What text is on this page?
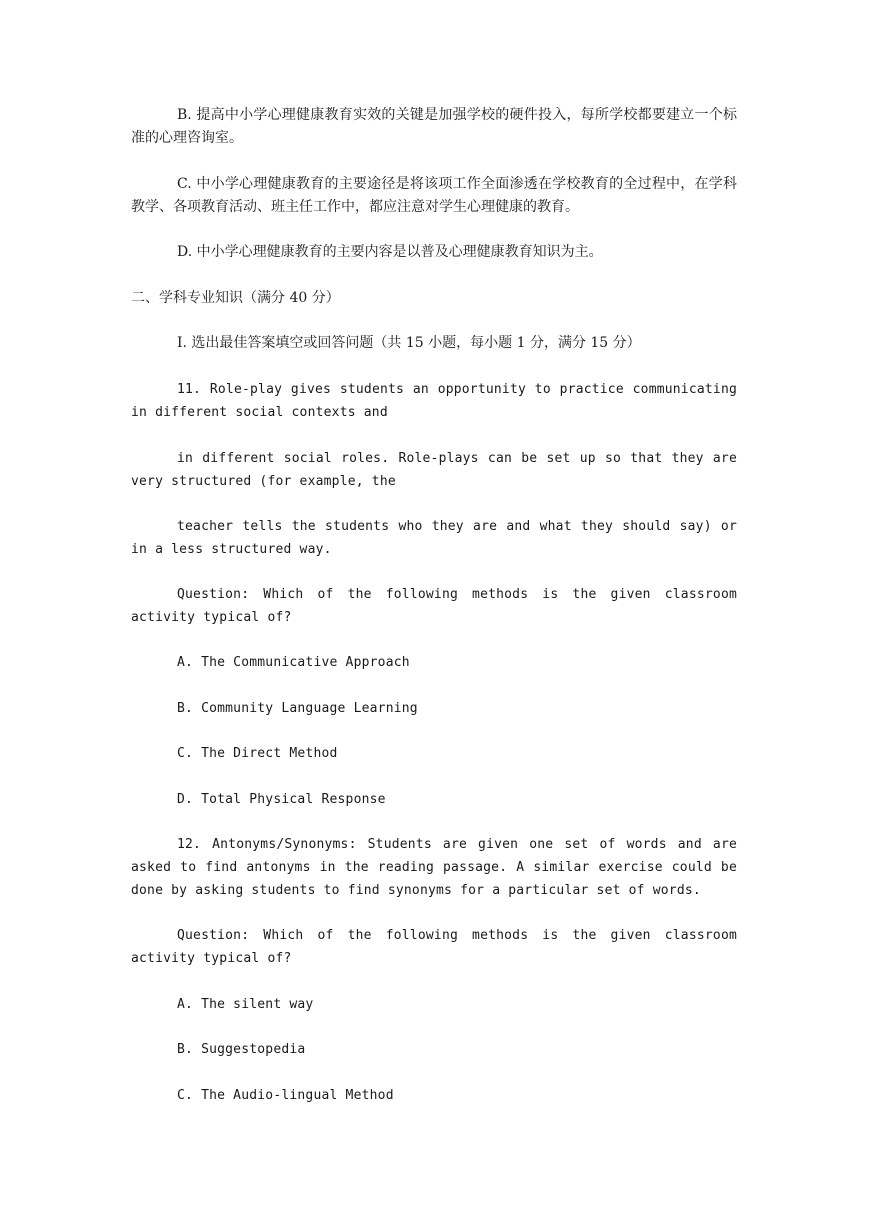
B. 提高中小学心理健康教育实效的关键是加强学校的硬件投入，每所学校都要建立一个标准的心理咨询室。

C. 中小学心理健康教育的主要途径是将该项工作全面渗透在学校教育的全过程中，在学科教学、各项教育活动、班主任工作中，都应注意对学生心理健康的教育。

D. 中小学心理健康教育的主要内容是以普及心理健康教育知识为主。

二、学科专业知识（满分 40 分）

I. 选出最佳答案填空或回答问题（共 15 小题，每小题 1 分，满分 15 分）

11. Role-play gives students an opportunity to practice communicating in different social contexts and

in different social roles. Role-plays can be set up so that they are very structured (for example, the

teacher tells the students who they are and what they should say) or in a less structured way.

Question: Which of the following methods is the given classroom activity typical of?

A. The Communicative Approach

B. Community Language Learning

C. The Direct Method

D. Total Physical Response

12. Antonyms/Synonyms: Students are given one set of words and are asked to find antonyms in the reading passage. A similar exercise could be done by asking students to find synonyms for a particular set of words.

Question: Which of the following methods is the given classroom activity typical of?

A. The silent way

B. Suggestopedia

C. The Audio-lingual Method
